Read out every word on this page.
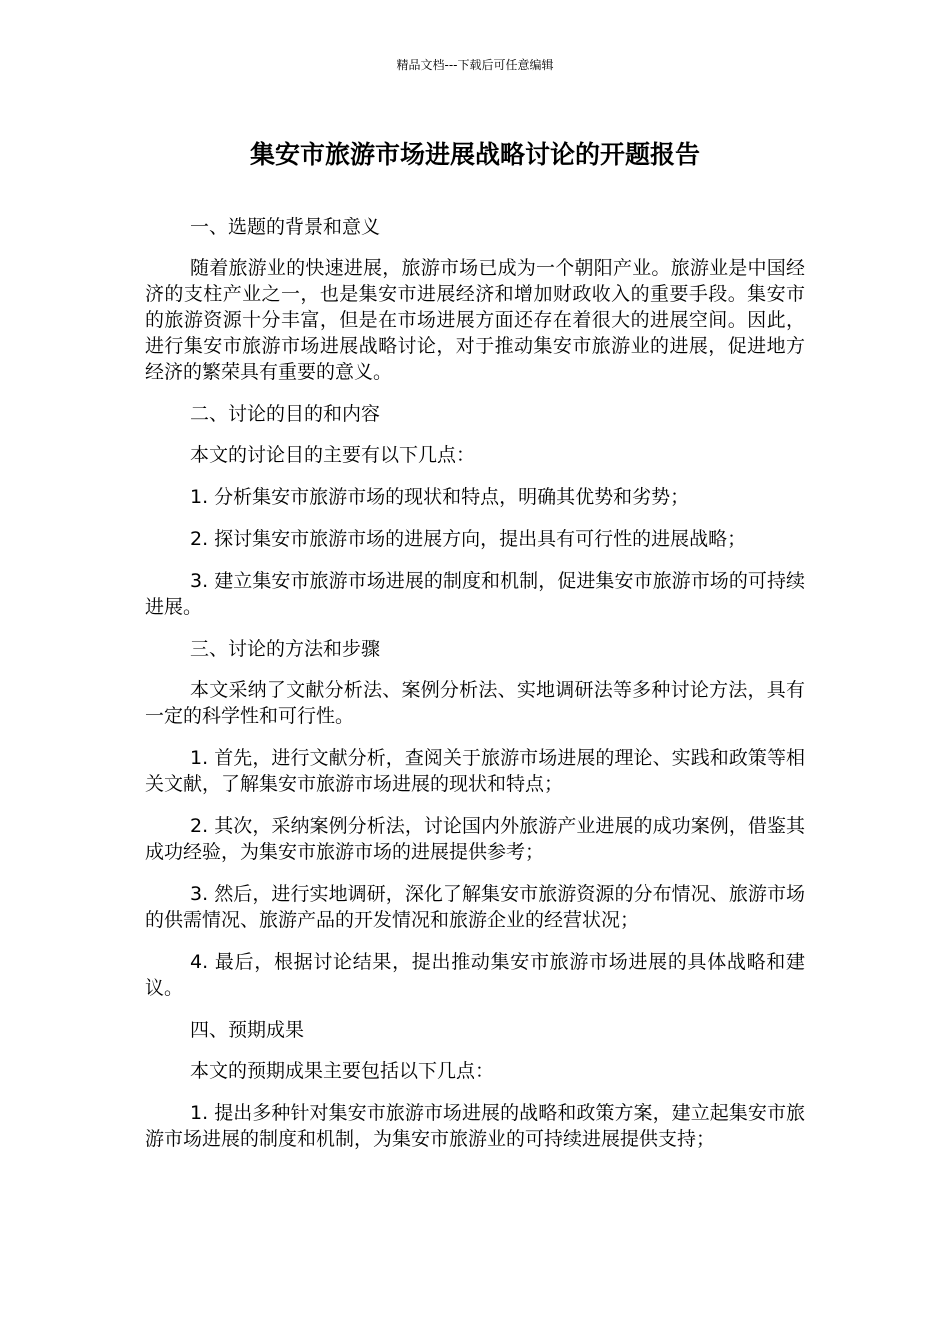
精品文档---下载后可任意编辑
集安市旅游市场进展战略讨论的开题报告

一、选题的背景和意义

随着旅游业的快速进展，旅游市场已成为一个朝阳产业。旅游业是中国经济的支柱产业之一，也是集安市进展经济和增加财政收入的重要手段。集安市的旅游资源十分丰富，但是在市场进展方面还存在着很大的进展空间。因此，进行集安市旅游市场进展战略讨论，对于推动集安市旅游业的进展，促进地方经济的繁荣具有重要的意义。

二、讨论的目的和内容

本文的讨论目的主要有以下几点：

1. 分析集安市旅游市场的现状和特点，明确其优势和劣势；

2. 探讨集安市旅游市场的进展方向，提出具有可行性的进展战略；

3. 建立集安市旅游市场进展的制度和机制，促进集安市旅游市场的可持续进展。

三、讨论的方法和步骤

本文采纳了文献分析法、案例分析法、实地调研法等多种讨论方法，具有一定的科学性和可行性。

1. 首先，进行文献分析，查阅关于旅游市场进展的理论、实践和政策等相关文献，了解集安市旅游市场进展的现状和特点；

2. 其次，采纳案例分析法，讨论国内外旅游产业进展的成功案例，借鉴其成功经验，为集安市旅游市场的进展提供参考；

3. 然后，进行实地调研，深化了解集安市旅游资源的分布情况、旅游市场的供需情况、旅游产品的开发情况和旅游企业的经营状况；

4. 最后，根据讨论结果，提出推动集安市旅游市场进展的具体战略和建议。

四、预期成果

本文的预期成果主要包括以下几点：

1. 提出多种针对集安市旅游市场进展的战略和政策方案，建立起集安市旅游市场进展的制度和机制，为集安市旅游业的可持续进展提供支持；
